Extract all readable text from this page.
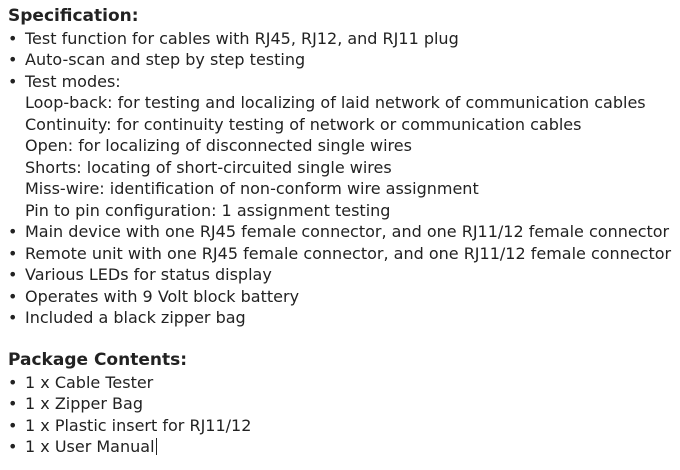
Specification:
• Test function for cables with RJ45, RJ12, and RJ11 plug
• Auto-scan and step by step testing
• Test modes:
Loop-back: for testing and localizing of laid network of communication cables
Continuity: for continuity testing of network or communication cables
Open: for localizing of disconnected single wires
Shorts: locating of short-circuited single wires
Miss-wire: identification of non-conform wire assignment
Pin to pin configuration: 1 assignment testing
• Main device with one RJ45 female connector, and one RJ11/12 female connector
• Remote unit with one RJ45 female connector, and one RJ11/12 female connector
• Various LEDs for status display
• Operates with 9 Volt block battery
• Included a black zipper bag
Package Contents:
• 1 x Cable Tester
• 1 x Zipper Bag
• 1 x Plastic insert for RJ11/12
• 1 x User Manual
